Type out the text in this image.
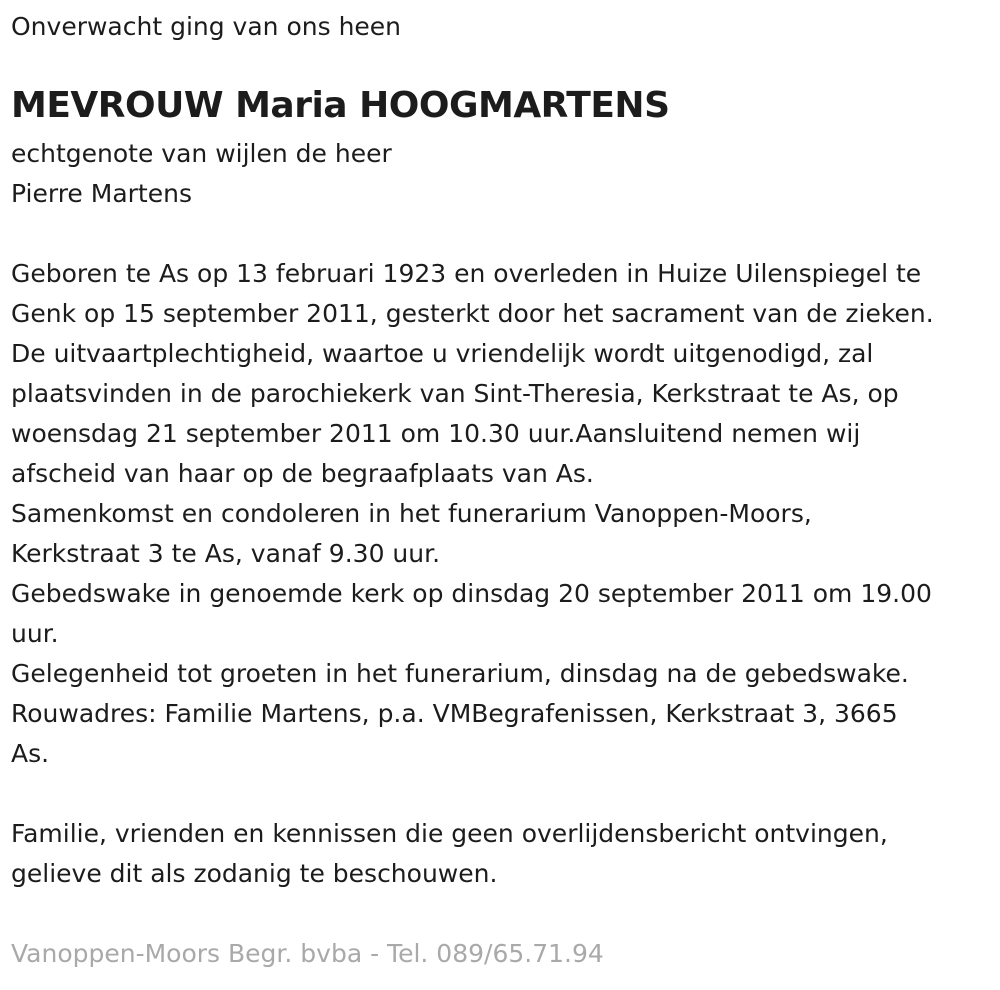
Onverwacht ging van ons heen
MEVROUW Maria HOOGMARTENS
echtgenote van wijlen de heer
Pierre Martens
Geboren te As op 13 februari 1923 en overleden in Huize Uilenspiegel te
Genk op 15 september 2011, gesterkt door het sacrament van de zieken.
De uitvaartplechtigheid, waartoe u vriendelijk wordt uitgenodigd, zal
plaatsvinden in de parochiekerk van Sint-Theresia, Kerkstraat te As, op
woensdag 21 september 2011 om 10.30 uur.Aansluitend nemen wij
afscheid van haar op de begraafplaats van As.
Samenkomst en condoleren in het funerarium Vanoppen-Moors,
Kerkstraat 3 te As, vanaf 9.30 uur.
Gebedswake in genoemde kerk op dinsdag 20 september 2011 om 19.00
uur.
Gelegenheid tot groeten in het funerarium, dinsdag na de gebedswake.
Rouwadres: Familie Martens, p.a. VMBegrafenissen, Kerkstraat 3, 3665
As.
Familie, vrienden en kennissen die geen overlijdensbericht ontvingen,
gelieve dit als zodanig te beschouwen.
Vanoppen-Moors Begr. bvba - Tel. 089/65.71.94
